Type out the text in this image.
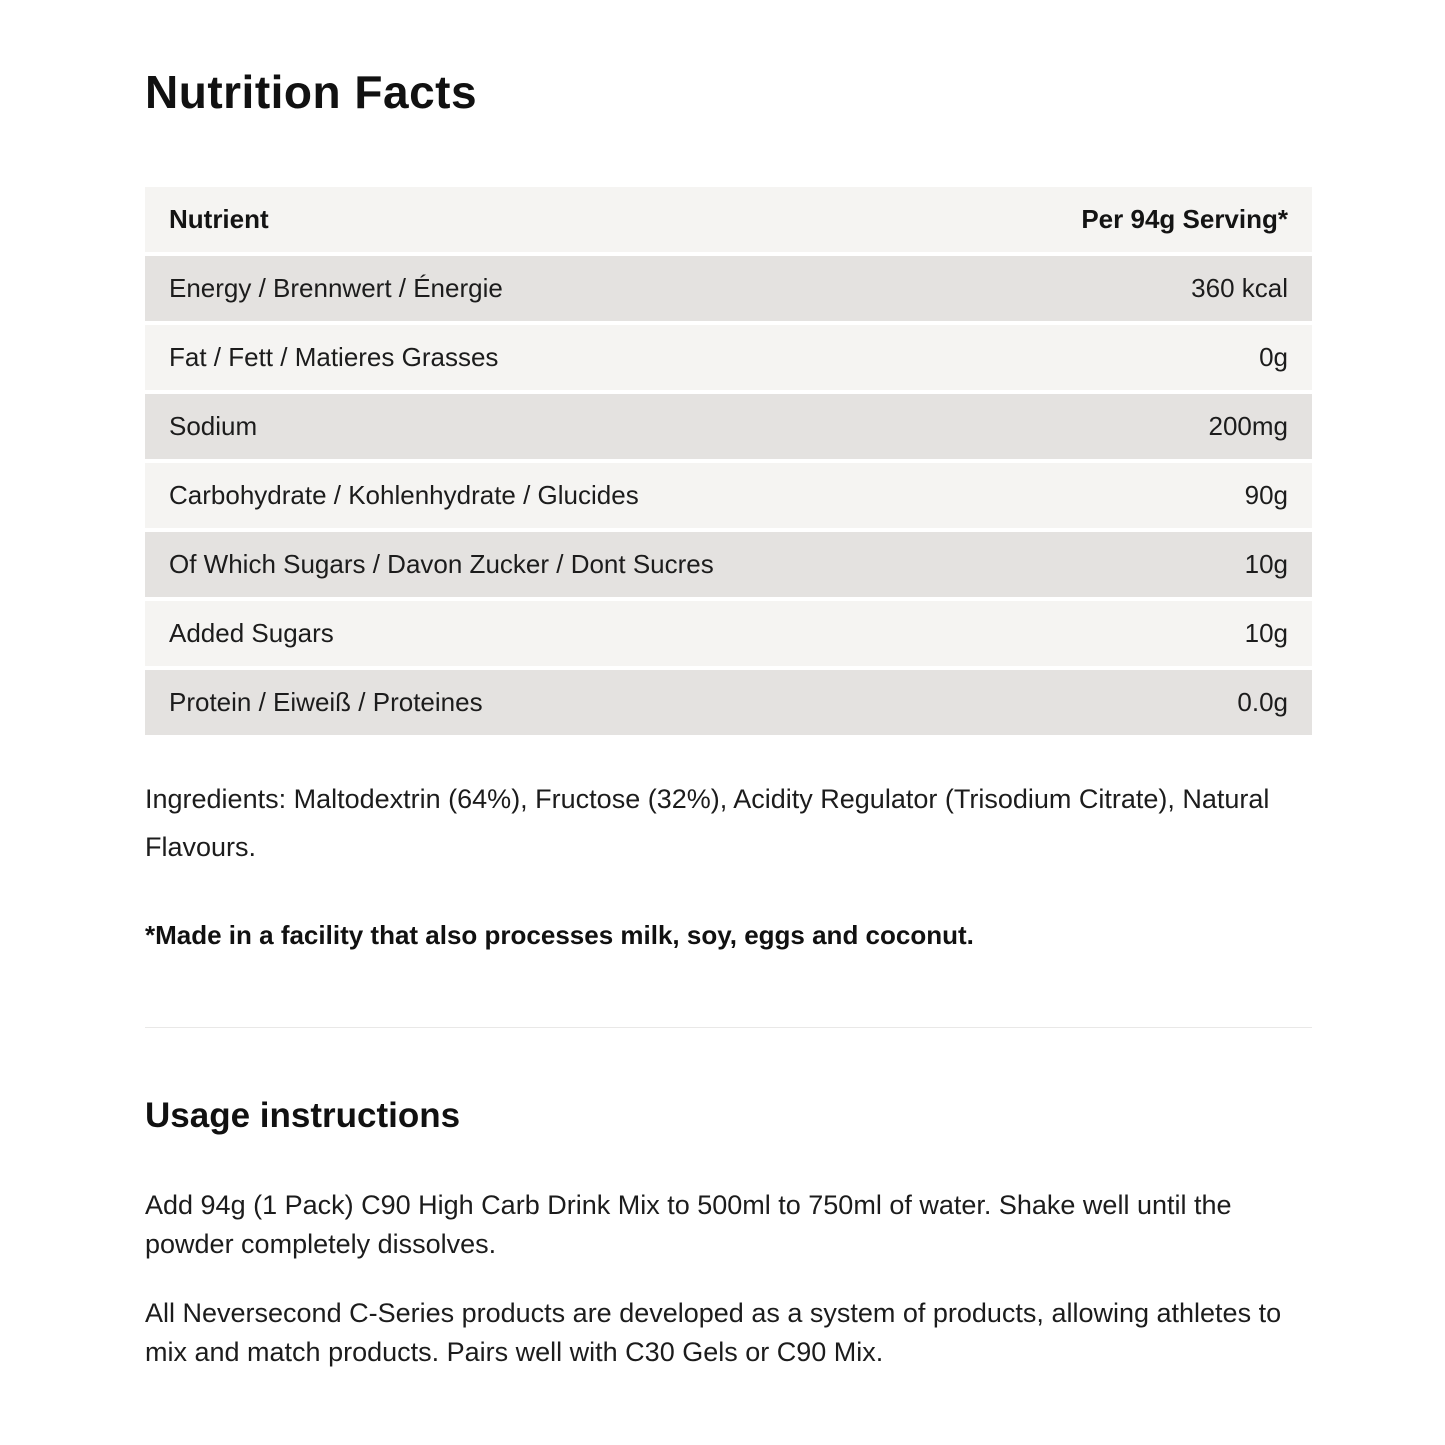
Nutrition Facts
Nutrient	Per 94g Serving*
Energy / Brennwert / Énergie	360 kcal
Fat / Fett / Matieres Grasses	0g
Sodium	200mg
Carbohydrate / Kohlenhydrate / Glucides	90g
Of Which Sugars / Davon Zucker / Dont Sucres	10g
Added Sugars	10g
Protein / Eiweiß / Proteines	0.0g

Ingredients: Maltodextrin (64%), Fructose (32%), Acidity Regulator (Trisodium Citrate), Natural Flavours.

*Made in a facility that also processes milk, soy, eggs and coconut.

Usage instructions

Add 94g (1 Pack) C90 High Carb Drink Mix to 500ml to 750ml of water. Shake well until the powder completely dissolves.

All Neversecond C-Series products are developed as a system of products, allowing athletes to mix and match products. Pairs well with C30 Gels or C90 Mix.
